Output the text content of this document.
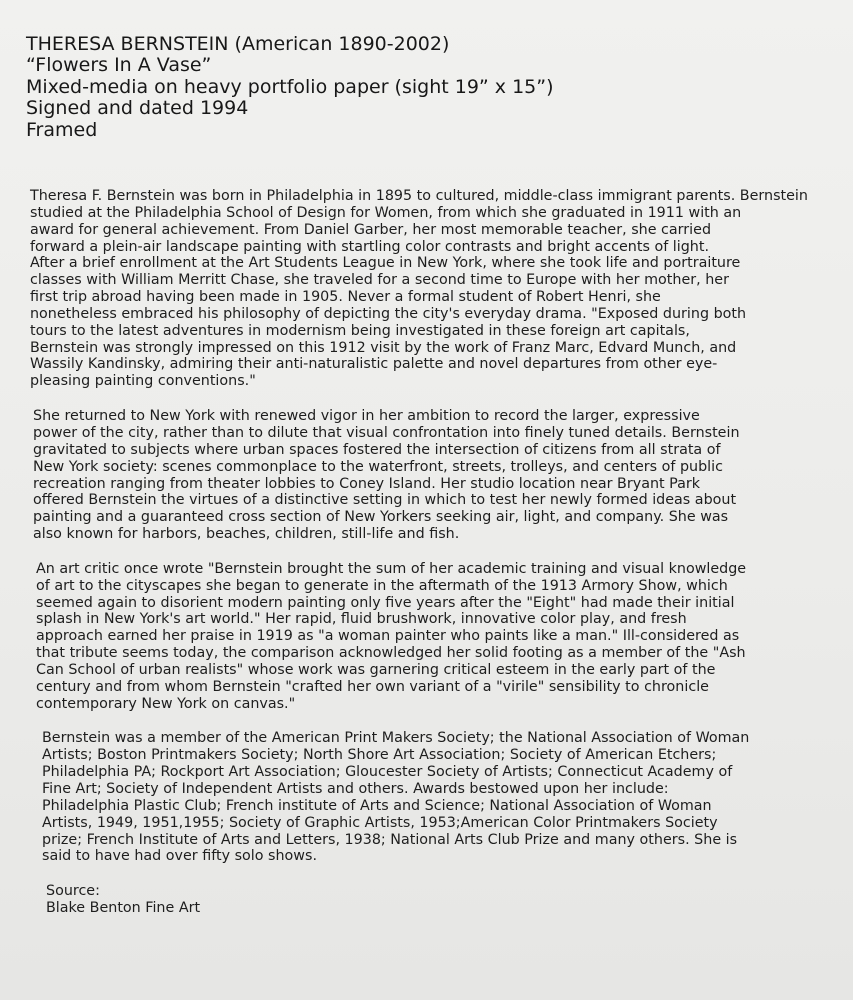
THERESA BERNSTEIN (American 1890-2002)
“Flowers In A Vase”
Mixed-media on heavy portfolio paper (sight 19” x 15”)
Signed and dated 1994
Framed
Theresa F. Bernstein was born in Philadelphia in 1895 to cultured, middle-class immigrant parents. Bernstein
studied at the Philadelphia School of Design for Women, from which she graduated in 1911 with an
award for general achievement. From Daniel Garber, her most memorable teacher, she carried
forward a plein-air landscape painting with startling color contrasts and bright accents of light.
After a brief enrollment at the Art Students League in New York, where she took life and portraiture
classes with William Merritt Chase, she traveled for a second time to Europe with her mother, her
first trip abroad having been made in 1905. Never a formal student of Robert Henri, she
nonetheless embraced his philosophy of depicting the city's everyday drama. "Exposed during both
tours to the latest adventures in modernism being investigated in these foreign art capitals,
Bernstein was strongly impressed on this 1912 visit by the work of Franz Marc, Edvard Munch, and
Wassily Kandinsky, admiring their anti-naturalistic palette and novel departures from other eye-
pleasing painting conventions."
She returned to New York with renewed vigor in her ambition to record the larger, expressive
power of the city, rather than to dilute that visual confrontation into finely tuned details. Bernstein
gravitated to subjects where urban spaces fostered the intersection of citizens from all strata of
New York society: scenes commonplace to the waterfront, streets, trolleys, and centers of public
recreation ranging from theater lobbies to Coney Island. Her studio location near Bryant Park
offered Bernstein the virtues of a distinctive setting in which to test her newly formed ideas about
painting and a guaranteed cross section of New Yorkers seeking air, light, and company. She was
also known for harbors, beaches, children, still-life and fish.
An art critic once wrote "Bernstein brought the sum of her academic training and visual knowledge
of art to the cityscapes she began to generate in the aftermath of the 1913 Armory Show, which
seemed again to disorient modern painting only five years after the "Eight" had made their initial
splash in New York's art world." Her rapid, fluid brushwork, innovative color play, and fresh
approach earned her praise in 1919 as "a woman painter who paints like a man." Ill-considered as
that tribute seems today, the comparison acknowledged her solid footing as a member of the "Ash
Can School of urban realists" whose work was garnering critical esteem in the early part of the
century and from whom Bernstein "crafted her own variant of a "virile" sensibility to chronicle
contemporary New York on canvas."
Bernstein was a member of the American Print Makers Society; the National Association of Woman
Artists; Boston Printmakers Society; North Shore Art Association; Society of American Etchers;
Philadelphia PA; Rockport Art Association; Gloucester Society of Artists; Connecticut Academy of
Fine Art; Society of Independent Artists and others. Awards bestowed upon her include:
Philadelphia Plastic Club; French institute of Arts and Science; National Association of Woman
Artists, 1949, 1951,1955; Society of Graphic Artists, 1953;American Color Printmakers Society
prize; French Institute of Arts and Letters, 1938; National Arts Club Prize and many others. She is
said to have had over fifty solo shows.
Source:
Blake Benton Fine Art
